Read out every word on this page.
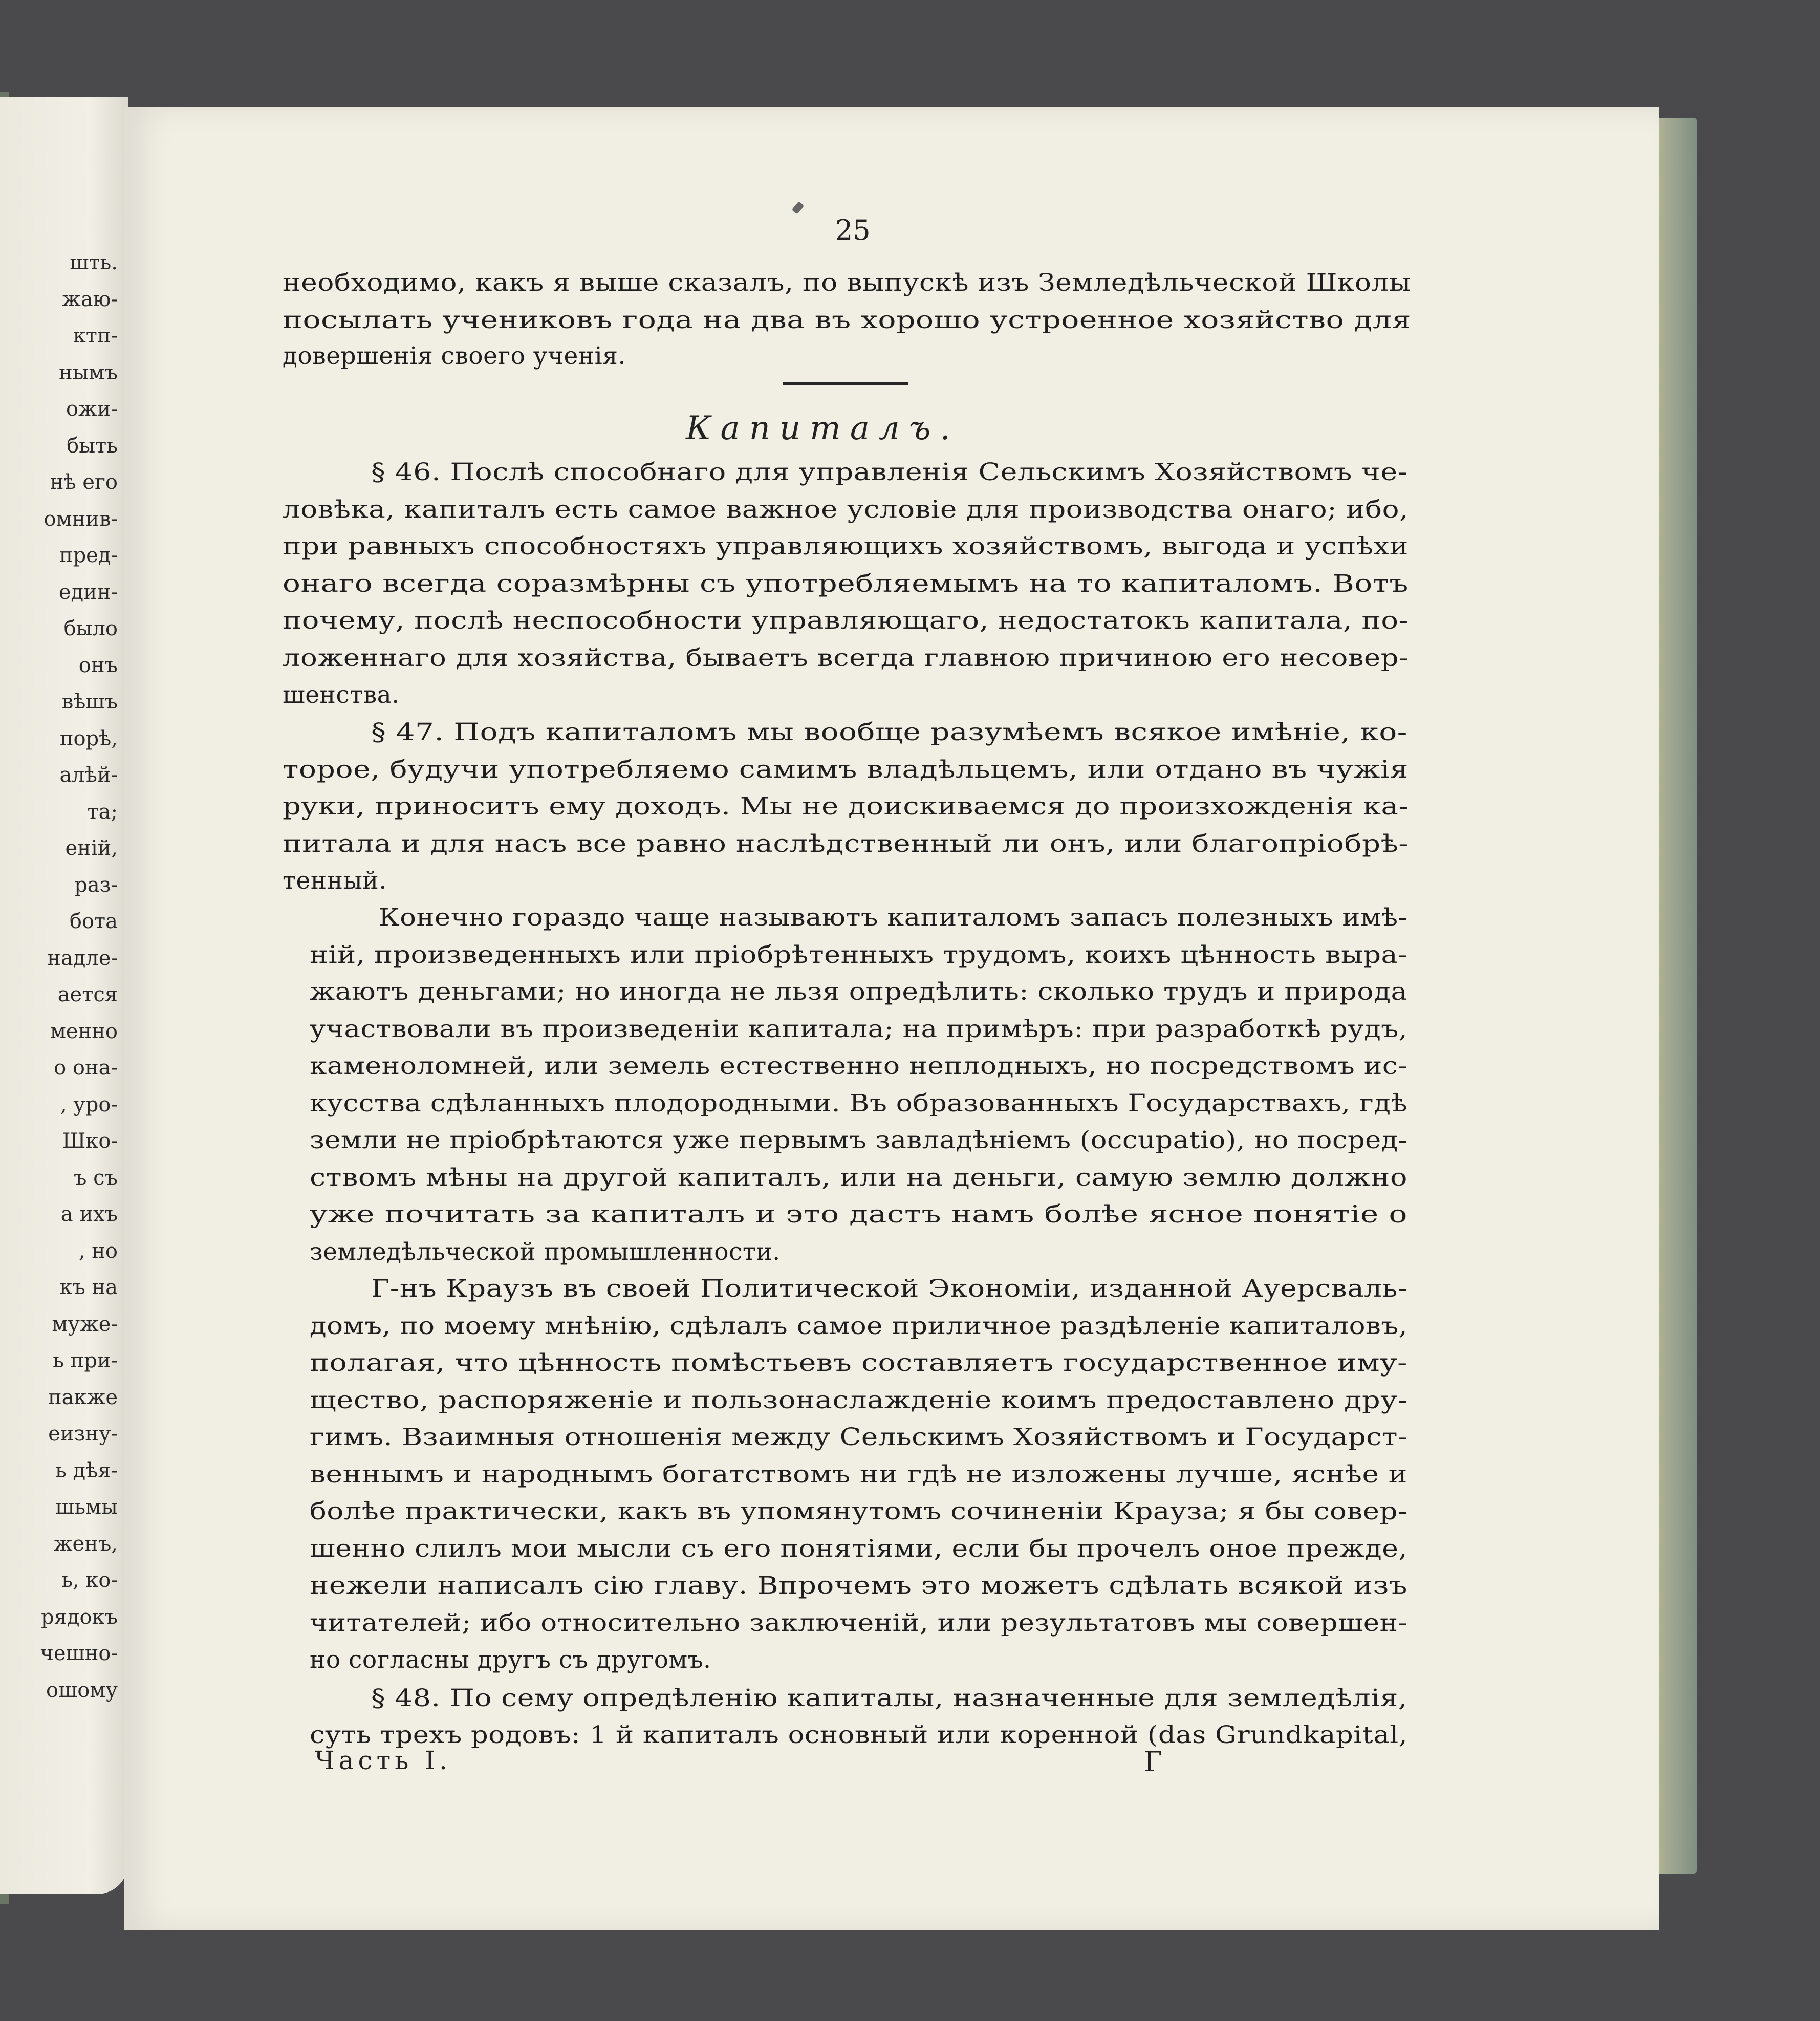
шть.
жаю-
ктп-
нымъ
ожи-
быть
нѣ его
омнив-
пред-
един-
было
онъ
вѣшъ
порѣ,
алѣй-
та;
еній,
раз-
бота
надле-
ается
менно
о она-
, уро-
Шко-
ъ съ
а ихъ
, но
къ на
муже-
ь при-
пакже
еизну-
ь дѣя-
шьмы
женъ,
ь, ко-
рядокъ
чешно-
ошому
25
необходимо, какъ я выше сказалъ, по выпускѣ изъ Земледѣльческой Школы
посылать учениковъ года на два въ хорошо устроенное хозяйство для
довершенія своего ученія.
§ 46. Послѣ способнаго для управленія Сельскимъ Хозяйствомъ че-
ловѣка, капиталъ есть самое важное условіе для производства онаго; ибо,
при равныхъ способностяхъ управляющихъ хозяйствомъ, выгода и успѣхи
онаго всегда соразмѣрны съ употребляемымъ на то капиталомъ. Вотъ
почему, послѣ неспособности управляющаго, недостатокъ капитала, по-
ложеннаго для хозяйства, бываетъ всегда главною причиною его несовер-
шенства.
§ 47. Подъ капиталомъ мы вообще разумѣемъ всякое имѣніе, ко-
торое, будучи употребляемо самимъ владѣльцемъ, или отдано въ чужія
руки, приноситъ ему доходъ. Мы не доискиваемся до произхожденія ка-
питала и для насъ все равно наслѣдственный ли онъ, или благопріобрѣ-
тенный.
Конечно гораздо чаще называютъ капиталомъ запасъ полезныхъ имѣ-
ній, произведенныхъ или пріобрѣтенныхъ трудомъ, коихъ цѣнность выра-
жаютъ деньгами; но иногда не льзя опредѣлить: сколько трудъ и природа
участвовали въ произведеніи капитала; на примѣръ: при разработкѣ рудъ,
каменоломней, или земель естественно неплодныхъ, но посредствомъ ис-
кусства сдѣланныхъ плодородными. Въ образованныхъ Государствахъ, гдѣ
земли не пріобрѣтаются уже первымъ завладѣніемъ (occupatio), но посред-
ствомъ мѣны на другой капиталъ, или на деньги, самую землю должно
уже почитать за капиталъ и это дастъ намъ болѣе ясное понятіе о
земледѣльческой промышленности.
Г-нъ Краузъ въ своей Политической Экономіи, изданной Ауерсваль-
домъ, по моему мнѣнію, сдѣлалъ самое приличное раздѣленіе капиталовъ,
полагая, что цѣнность помѣстьевъ составляетъ государственное иму-
щество, распоряженіе и пользонаслажденіе коимъ предоставлено дру-
гимъ. Взаимныя отношенія между Сельскимъ Хозяйствомъ и Государст-
веннымъ и народнымъ богатствомъ ни гдѣ не изложены лучше, яснѣе и
болѣе практически, какъ въ упомянутомъ сочиненіи Крауза; я бы совер-
шенно слилъ мои мысли съ его понятіями, если бы прочелъ оное прежде,
нежели написалъ сію главу. Впрочемъ это можетъ сдѣлать всякой изъ
читателей; ибо относительно заключеній, или результатовъ мы совершен-
но согласны другъ съ другомъ.
§ 48. По сему опредѣленію капиталы, назначенные для земледѣлія,
суть трехъ родовъ: 1 й капиталъ основный или коренной (das Grundkapital,
Капиталъ.
Часть I.	Г
